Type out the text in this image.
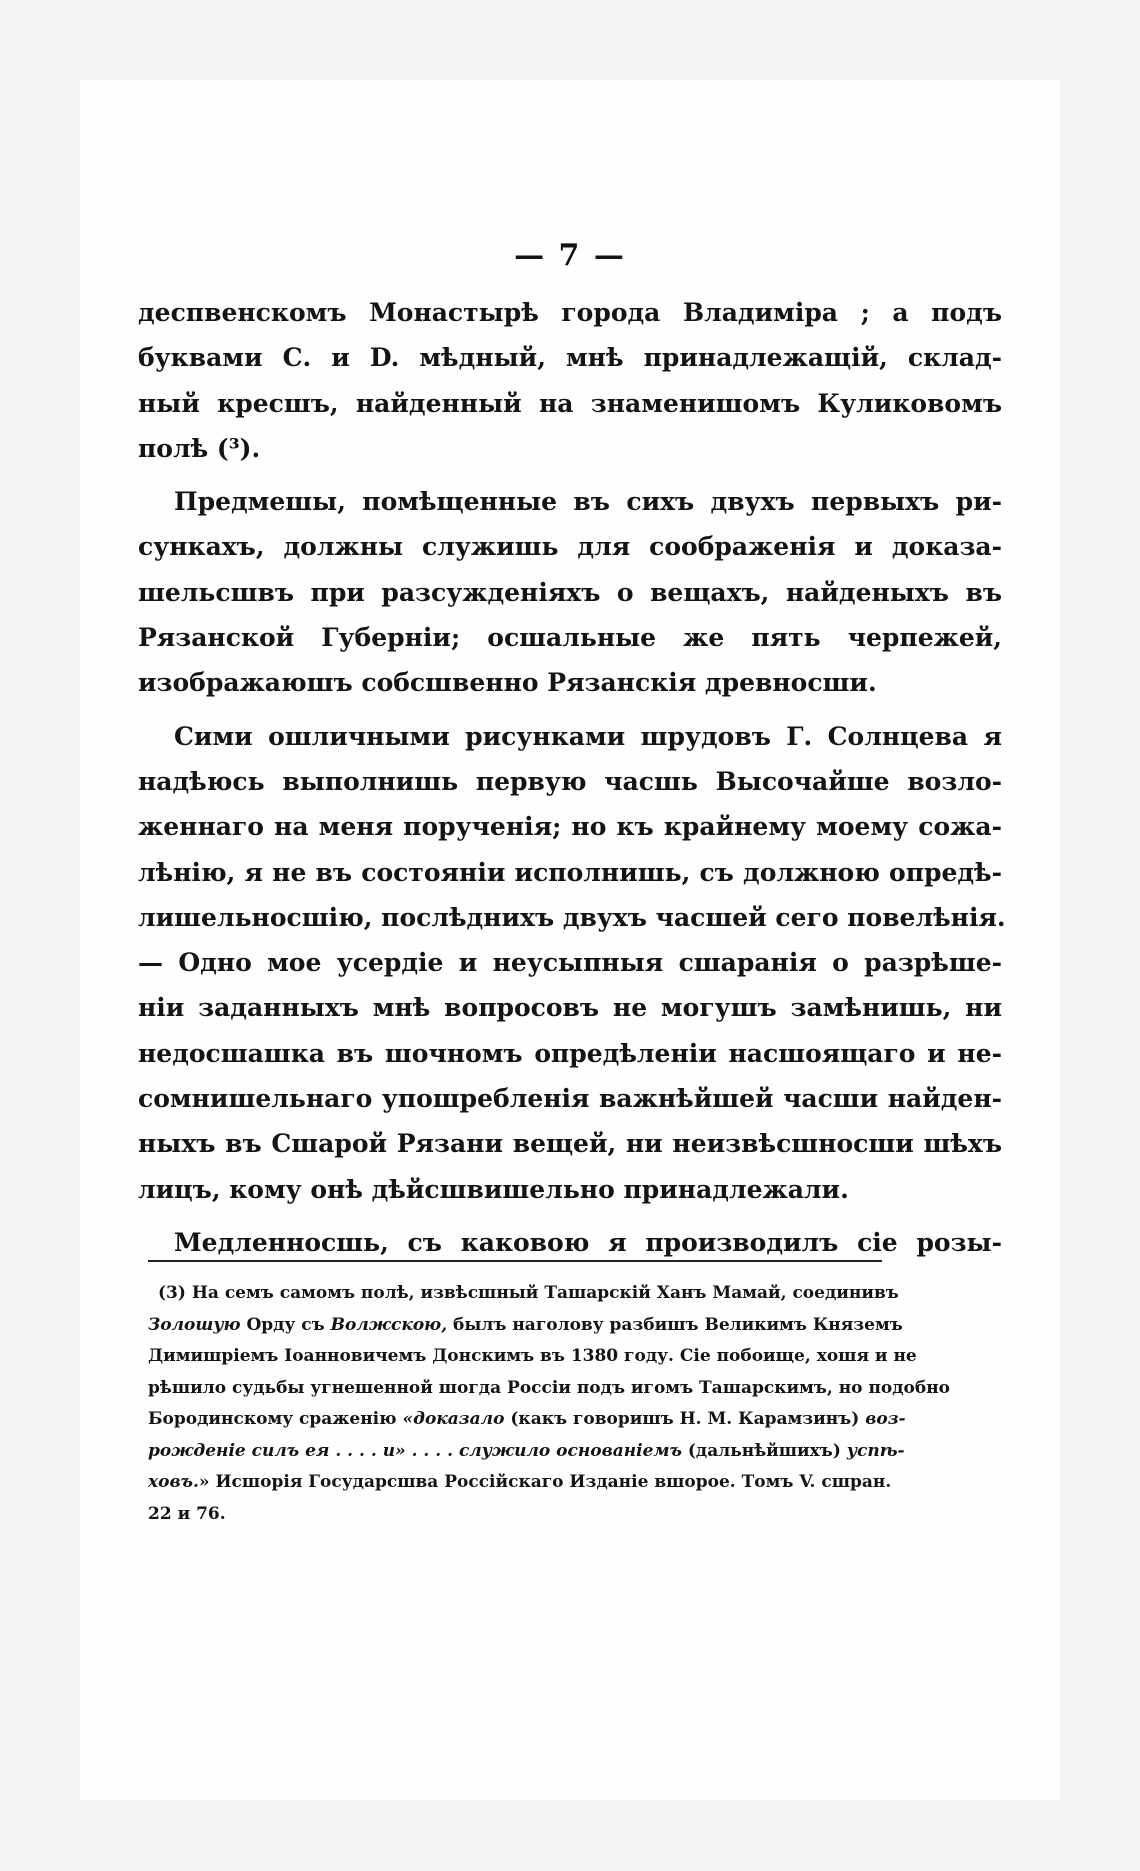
— 7 —
деспвенскомъ Монастырѣ города Владимірa ; а подъ
буквами С. и D. мѣдный, мнѣ принадлежащій, склад-
ный кресшъ, найденный на знаменишомъ Куликовомъ
полѣ (³).
Предмешы, помѣщенные въ сихъ двухъ первыхъ ри-
сункахъ, должны служишь для соображенія и доказа-
шельсшвъ при разсужденіяхъ о вещахъ, найденыхъ въ
Рязанской Губерніи; осшальные же пять черпежей,
изображаюшъ собсшвенно Рязанскія древносши.
Сими ошличными рисунками шрудовъ Г. Солнцева я
надѣюсь выполнишь первую часшь Высочайше возло-
женнаго на меня порученія; но къ крайнему моему сожа-
лѣнію, я не въ состояніи исполнишь, съ должною опредѣ-
лишельносшію, послѣднихъ двухъ часшей сего повелѣнія.
— Одно мое усердіе и неусыпныя сшаранія о разрѣше-
ніи заданныхъ мнѣ вопросовъ не могушъ замѣнишь, ни
недосшашка въ шочномъ опредѣленіи насшоящаго и не-
сомнишельнаго упошребленія важнѣйшей часши найден-
ныхъ въ Сшарой Рязани вещей, ни неизвѣсшносши шѣхъ
лицъ, кому онѣ дѣйсшвишельно принадлежали.
Медленносшь, съ каковою я производилъ сіе розы-
(3) На семъ самомъ полѣ, извѣсшный Ташарскій Ханъ Мамай, соединивъ
Золошую Орду съ Волжскою, былъ наголову разбишъ Великимъ Княземъ
Димишріемъ Іоанновичемъ Донскимъ въ 1380 году. Сіе побоище, хошя и не
рѣшило судьбы угнешенной шогда Россіи подъ игомъ Ташарскимъ, но подобно
Бородинскому сраженію «доказало (какъ говоришъ Н. М. Карамзинъ) воз-
рожденіе силъ ея . . . . и» . . . . служило основаніемъ (дальнѣйшихъ) успѣ-
ховъ.» Исшорія Государсшва Россійскаго Изданіе вшорое. Томъ V. сшран.
22 и 76.
